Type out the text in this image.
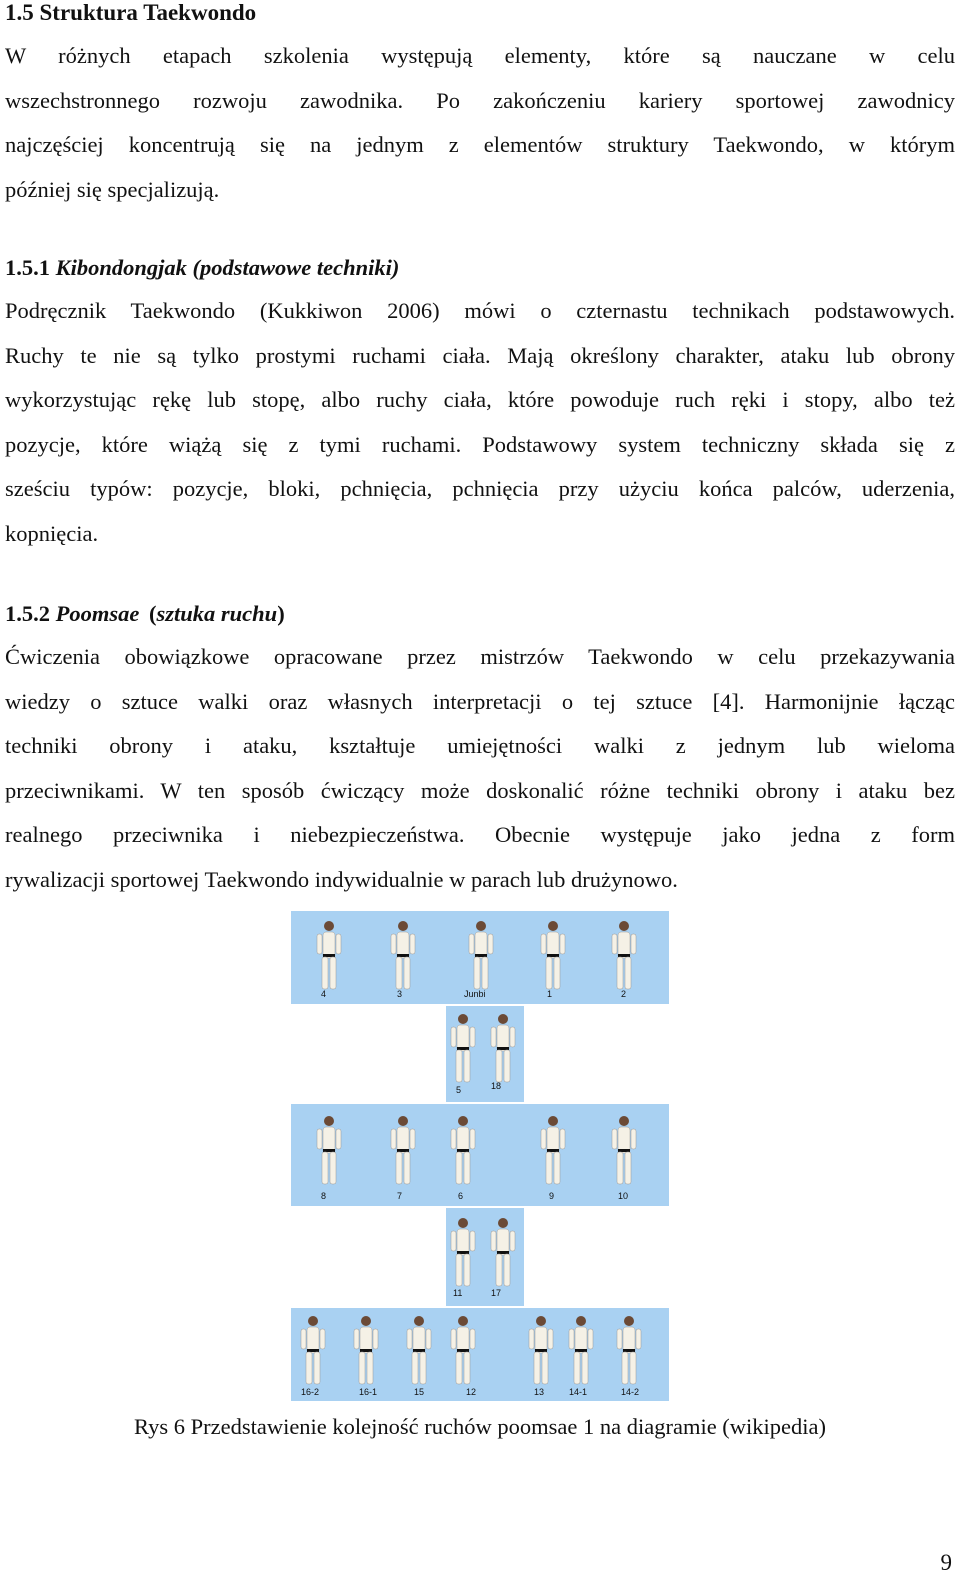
1.5 Struktura Taekwondo
W różnych etapach szkolenia występują elementy, które są nauczane w celu
wszechstronnego rozwoju zawodnika. Po zakończeniu kariery sportowej zawodnicy
najczęściej koncentrują się na jednym z elementów struktury Taekwondo, w którym
później się specjalizują.
1.5.1 Kibondongjak (podstawowe techniki)
Podręcznik Taekwondo (Kukkiwon 2006) mówi o czternastu technikach podstawowych.
Ruchy te nie są tylko prostymi ruchami ciała. Mają określony charakter, ataku lub obrony
wykorzystując rękę lub stopę, albo ruchy ciała, które powoduje ruch ręki i stopy, albo też
pozycje, które wiążą się z tymi ruchami. Podstawowy system techniczny składa się z
sześciu typów: pozycje, bloki, pchnięcia, pchnięcia przy użyciu końca palców, uderzenia,
kopnięcia.
1.5.2 Poomsae (sztuka ruchu)
Ćwiczenia obowiązkowe opracowane przez mistrzów Taekwondo w celu przekazywania
wiedzy o sztuce walki oraz własnych interpretacji o tej sztuce [4]. Harmonijnie łącząc
techniki obrony i ataku, kształtuje umiejętności walki z jednym lub wieloma
przeciwnikami. W ten sposób ćwiczący może doskonalić różne techniki obrony i ataku bez
realnego przeciwnika i niebezpieczeństwa. Obecnie występuje jako jedna z form
rywalizacji sportowej Taekwondo indywidualnie w parach lub drużynowo.
4	3	Junbi	1	2
5	18
8	7	6	9	10
11	17
16-2	16-1	15	12	13	14-1	14-2
Rys 6 Przedstawienie kolejność ruchów poomsae 1 na diagramie (wikipedia)
9
